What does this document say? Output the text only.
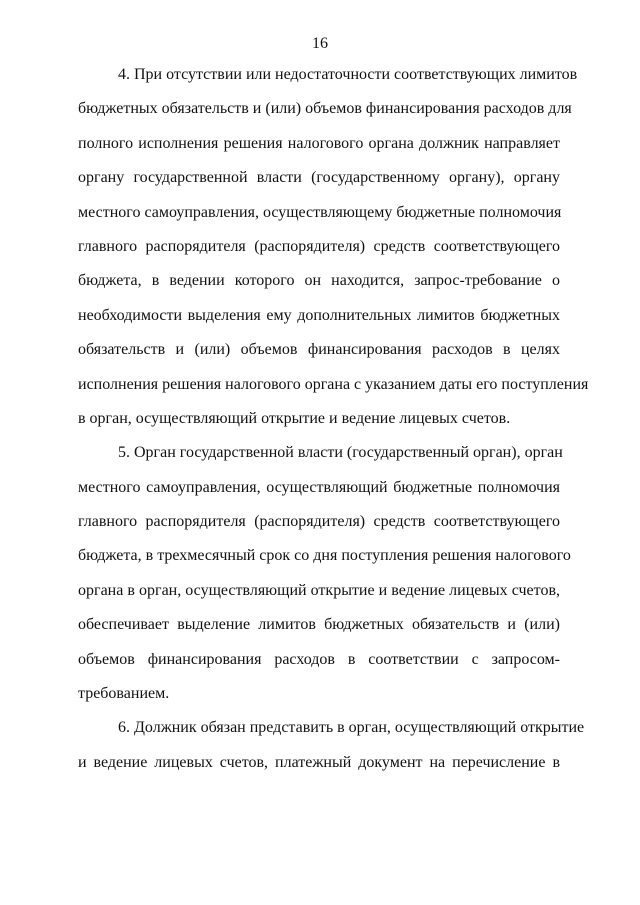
16
4. При отсутствии или недостаточности соответствующих лимитов
бюджетных обязательств и (или) объемов финансирования расходов для
полного исполнения решения налогового органа должник направляет
органу государственной власти (государственному органу), органу
местного самоуправления, осуществляющему бюджетные полномочия
главного распорядителя (распорядителя) средств соответствующего
бюджета, в ведении которого он находится, запрос-требование о
необходимости выделения ему дополнительных лимитов бюджетных
обязательств и (или) объемов финансирования расходов в целях
исполнения решения налогового органа с указанием даты его поступления
в орган, осуществляющий открытие и ведение лицевых счетов.
5. Орган государственной власти (государственный орган), орган
местного самоуправления, осуществляющий бюджетные полномочия
главного распорядителя (распорядителя) средств соответствующего
бюджета, в трехмесячный срок со дня поступления решения налогового
органа в орган, осуществляющий открытие и ведение лицевых счетов,
обеспечивает выделение лимитов бюджетных обязательств и (или)
объемов финансирования расходов в соответствии с запросом-
требованием.
6. Должник обязан представить в орган, осуществляющий открытие
и ведение лицевых счетов, платежный документ на перечисление в
